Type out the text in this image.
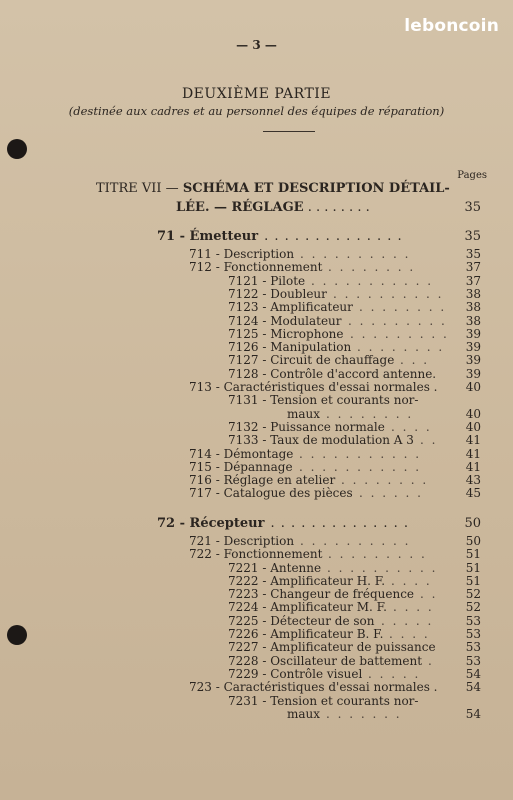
leboncoin
— 3 —
DEUXIÈME PARTIE
(destinée aux cadres et au personnel des équipes de réparation)
Pages
TITRE VII — SCHÉMA ET DESCRIPTION DÉTAIL-
LÉE. — RÉGLAGE . . . . . . . .	35
71 - Émetteur . . . . . . . . . . . . . .	35
711 - Description . . . . . . . . . .	35
712 - Fonctionnement . . . . . . . .	37
7121 - Pilote . . . . . . . . . . .	37
7122 - Doubleur . . . . . . . . . .	38
7123 - Amplificateur . . . . . . . .	38
7124 - Modulateur . . . . . . . . .	38
7125 - Microphone . . . . . . . . .	39
7126 - Manipulation . . . . . . . .	39
7127 - Circuit de chauffage . . .	39
7128 - Contrôle d'accord antenne.	39
713 - Caractéristiques d'essai normales .	40
7131 - Tension et courants nor-
maux . . . . . . . .	40
7132 - Puissance normale . . . .	40
7133 - Taux de modulation A 3 . .	41
714 - Démontage . . . . . . . . . . .	41
715 - Dépannage . . . . . . . . . . .	41
716 - Réglage en atelier . . . . . . . .	43
717 - Catalogue des pièces . . . . . .	45
72 - Récepteur . . . . . . . . . . . . . .	50
721 - Description . . . . . . . . . .	50
722 - Fonctionnement . . . . . . . . .	51
7221 - Antenne . . . . . . . . . .	51
7222 - Amplificateur H. F. . . . .	51
7223 - Changeur de fréquence . .	52
7224 - Amplificateur M. F. . . . .	52
7225 - Détecteur de son . . . . .	53
7226 - Amplificateur B. F. . . . .	53
7227 - Amplificateur de puissance	53
7228 - Oscillateur de battement .	53
7229 - Contrôle visuel . . . . .	54
723 - Caractéristiques d'essai normales .	54
7231 - Tension et courants nor-
maux . . . . . . .	54
